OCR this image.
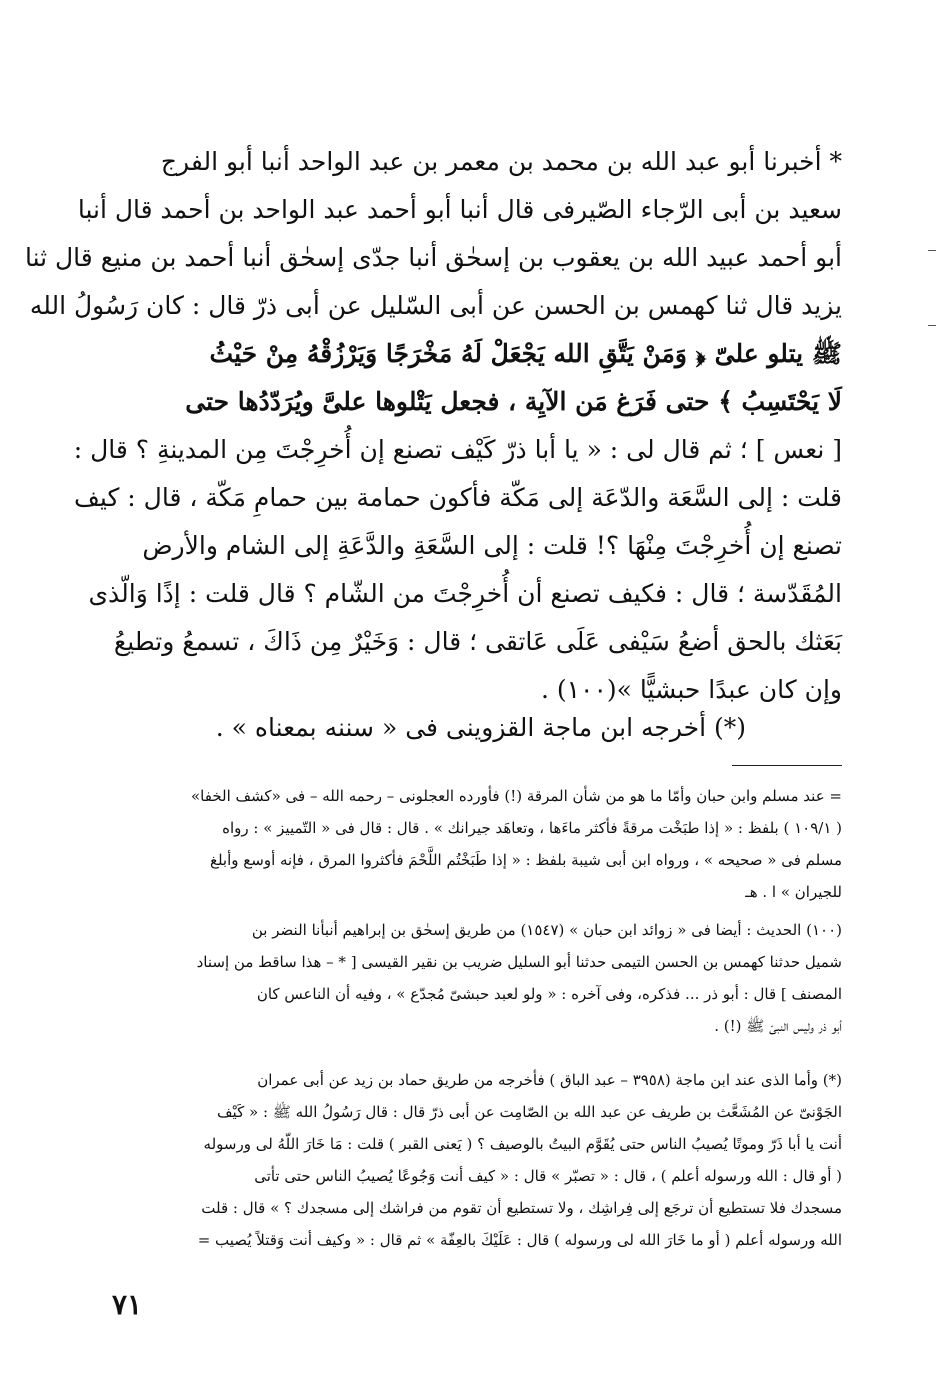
* أخبرنا أبو عبد الله بن محمد بن معمر بن عبد الواحد أنبا أبو الفرج
سعيد بن أبى الرّجاء الصّيرفى قال أنبا أبو أحمد عبد الواحد بن أحمد قال أنبا
أبو أحمد عبيد الله بن يعقوب بن إسحٰق أنبا جدّى إسحٰق أنبا أحمد بن منيع قال ثنا
يزيد قال ثنا كهمس بن الحسن عن أبى السّليل عن أبى ذرّ قال : كان رَسُولُ الله
ﷺ يتلو علىّ ﴿ وَمَنْ يَتَّقِ الله يَجْعَلْ لَهُ مَخْرَجًا وَيَرْزُقْهُ مِنْ حَيْثُ
لَا يَحْتَسِبُ ﴾ حتى فَرَغ مَن الآيِة ، فجعل يَتْلوها علىَّ ويُرَدّدُها حتى
[ نعس ] ؛ ثم قال لى : « يا أبا ذرّ كَيْف تصنع إن أُخرِجْتَ مِن المدينةِ ؟ قال :
قلت : إلى السَّعَة والدّعَة إلى مَكّة فأكون حمامة بين حمامِ مَكّة ، قال : كيف
تصنع إن أُخرِجْتَ مِنْهَا ؟! قلت : إلى السَّعَةِ والدَّعَةِ إلى الشام والأرض
المُقَدّسة ؛ قال : فكيف تصنع أن أُخرِجْتَ من الشّام ؟ قال قلت : إذًا وَالّذى
بَعَثك بالحق أضعُ سَيْفى عَلَى عَاتقى ؛ قال : وَخَيْرٌ مِن ذَاكَ ، تسمعُ وتطيعُ
وإن كان عبدًا حبشيًّا »(١٠٠) .
(*) أخرجه ابن ماجة القزوينى فى « سننه بمعناه » .
= عند مسلم وابن حبان وأمّا ما هو من شأن المرقة (!) فأورده العجلونى – رحمه الله – فى «كشف الخفا»
( ١٠٩/١ ) بلفظ : « إذا طبَخْت مرقةً فأكثر ماءَها ، وتعاهَد جيرانك » . قال : قال فى « التّمييز » : رواه
مسلم فى « صحيحه » ، ورواه ابن أبى شيبة بلفظ : « إذا طَبَخْتُم اللَّحْمَ فأكثروا المرق ، فإنه أوسع وأبلغ
للجيران » ا . هـ
(١٠٠) الحديث : أيضا فى « زوائد ابن حبان » (١٥٤٧) من طريق إسحٰق بن إبراهيم أنبأنا النضر بن
شميل حدثنا كهمس بن الحسن التيمى حدثنا أبو السليل ضريب بن نقير القيسى [ * – هذا ساقط من إسناد
المصنف ] قال : أبو ذر ... فذكره، وفى آخره : « ولو لعبد حبشىّ مُجدّع » ، وفيه أن الناعس كان
أبو ذر وليس النبىّ ﷺ (!) .
(*) وأما الذى عند ابن ماجة (٣٩٥٨ – عبد الباق ) فأخرجه من طريق حماد بن زيد عن أبى عمران
الجَوْنىّ عن المُشَعَّث بن طريف عن عبد الله بن الصّامِت عن أبى ذرّ قال : قال رَسُولُ الله ﷺ : « كَيْف
أنت يا أبا ذَرّ وموتًا يُصيبُ الناس حتى يُقَوَّم البيتُ بالوصيف ؟ ( يَعنى القبر ) قلت : مَا خَارَ اللّهُ لى ورسوله
( أو قال : الله ورسوله أعلم ) ، قال : « تصبّر » قال : « كيف أنت وَجُوعًا يُصيبُ الناس حتى تأتى
مسجدك فلا تستطيع أن ترجَع إلى فِراشِك ، ولا تستطيع أن تقوم من فراشك إلى مسجدك ؟ » قال : قلت
الله ورسوله أعلم ( أو ما خَارَ الله لى ورسوله ) قال : عَلَيْكَ بالعِفّة » ثم قال : « وكيف أنت وَقتلاً يُصيب =
٧١
